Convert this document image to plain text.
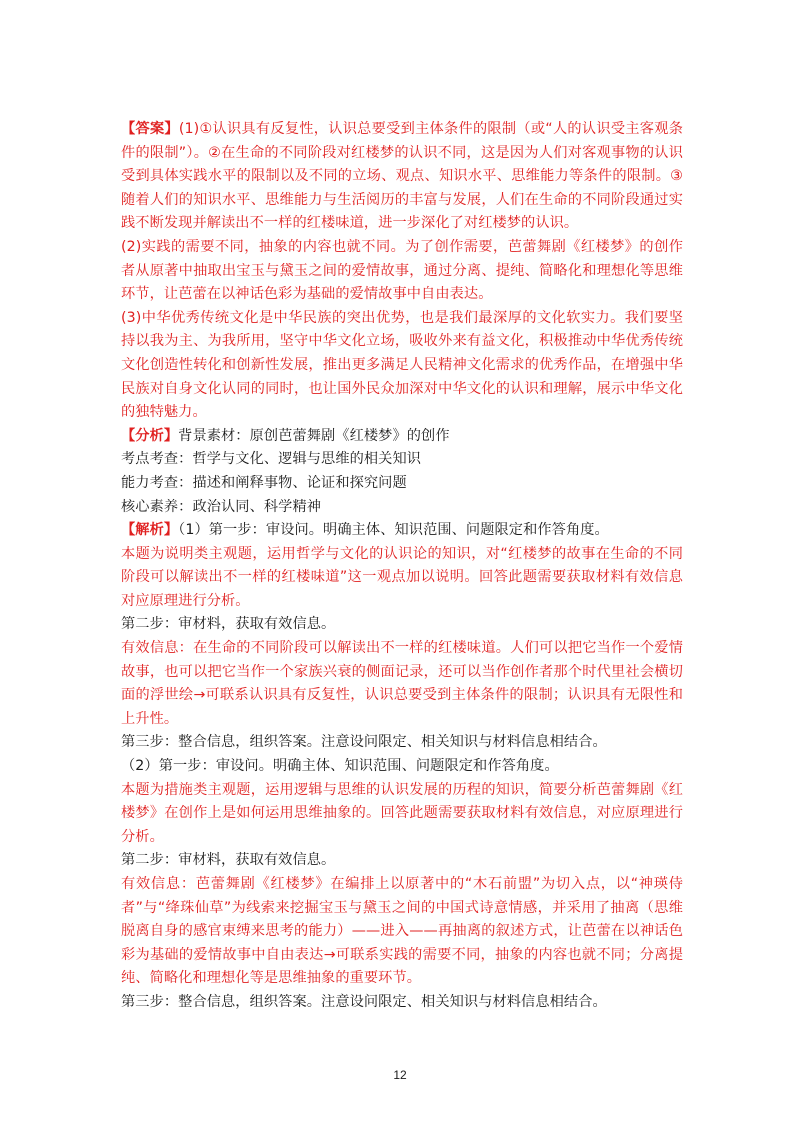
【答案】(1)①认识具有反复性，认识总要受到主体条件的限制（或“人的认识受主客观条件的限制”）。②在生命的不同阶段对红楼梦的认识不同，这是因为人们对客观事物的认识受到具体实践水平的限制以及不同的立场、观点、知识水平、思维能力等条件的限制。③随着人们的知识水平、思维能力与生活阅历的丰富与发展，人们在生命的不同阶段通过实践不断发现并解读出不一样的红楼味道，进一步深化了对红楼梦的认识。

(2)实践的需要不同，抽象的内容也就不同。为了创作需要，芭蕾舞剧《红楼梦》的创作者从原著中抽取出宝玉与黛玉之间的爱情故事，通过分离、提纯、简略化和理想化等思维环节，让芭蕾在以神话色彩为基础的爱情故事中自由表达。

(3)中华优秀传统文化是中华民族的突出优势，也是我们最深厚的文化软实力。我们要坚持以我为主、为我所用，坚守中华文化立场，吸收外来有益文化，积极推动中华优秀传统文化创造性转化和创新性发展，推出更多满足人民精神文化需求的优秀作品，在增强中华民族对自身文化认同的同时，也让国外民众加深对中华文化的认识和理解，展示中华文化的独特魅力。

【分析】背景素材：原创芭蕾舞剧《红楼梦》的创作

考点考查：哲学与文化、逻辑与思维的相关知识

能力考查：描述和阐释事物、论证和探究问题

核心素养：政治认同、科学精神

【解析】（1）第一步：审设问。明确主体、知识范围、问题限定和作答角度。

本题为说明类主观题，运用哲学与文化的认识论的知识，对“红楼梦的故事在生命的不同阶段可以解读出不一样的红楼味道”这一观点加以说明。回答此题需要获取材料有效信息对应原理进行分析。

第二步：审材料，获取有效信息。

有效信息：在生命的不同阶段可以解读出不一样的红楼味道。人们可以把它当作一个爱情故事，也可以把它当作一个家族兴衰的侧面记录，还可以当作创作者那个时代里社会横切面的浮世绘→可联系认识具有反复性，认识总要受到主体条件的限制；认识具有无限性和上升性。

第三步：整合信息，组织答案。注意设问限定、相关知识与材料信息相结合。

（2）第一步：审设问。明确主体、知识范围、问题限定和作答角度。

本题为措施类主观题，运用逻辑与思维的认识发展的历程的知识，简要分析芭蕾舞剧《红楼梦》在创作上是如何运用思维抽象的。回答此题需要获取材料有效信息，对应原理进行分析。

第二步：审材料，获取有效信息。

有效信息：芭蕾舞剧《红楼梦》在编排上以原著中的“木石前盟”为切入点，以“神瑛侍者”与“绛珠仙草”为线索来挖掘宝玉与黛玉之间的中国式诗意情感，并采用了抽离（思维脱离自身的感官束缚来思考的能力）——进入——再抽离的叙述方式，让芭蕾在以神话色彩为基础的爱情故事中自由表达→可联系实践的需要不同，抽象的内容也就不同；分离提纯、简略化和理想化等是思维抽象的重要环节。

第三步：整合信息，组织答案。注意设问限定、相关知识与材料信息相结合。

12
